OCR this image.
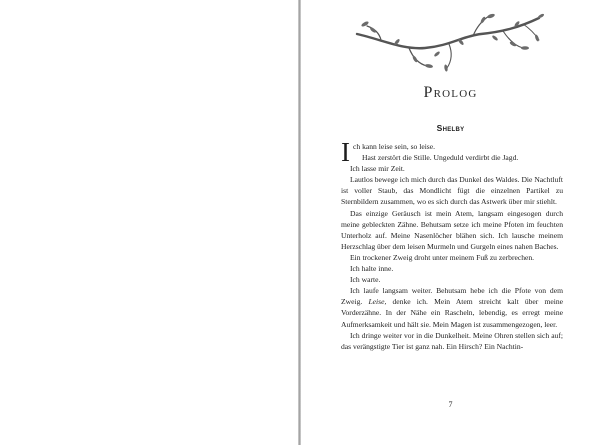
Prolog
Shelby

Ich kann leise sein, so leise.

Hast zerstört die Stille. Ungeduld verdirbt die Jagd.

Ich lasse mir Zeit.

Lautlos bewege ich mich durch das Dunkel des Waldes. Die Nachtluft ist voller Staub, das Mondlicht fügt die einzelnen Partikel zu Sternbildern zusammen, wo es sich durch das Astwerk über mir stiehlt.

Das einzige Geräusch ist mein Atem, langsam eingesogen durch meine gebleckten Zähne. Behutsam setze ich meine Pfoten im feuchten Unterholz auf. Meine Nasenlöcher blähen sich. Ich lausche meinem Herzschlag über dem leisen Murmeln und Gurgeln eines nahen Baches.

Ein trockener Zweig droht unter meinem Fuß zu zerbrechen.

Ich halte inne.

Ich warte.

Ich laufe langsam weiter. Behutsam hebe ich die Pfote von dem Zweig. Leise, denke ich. Mein Atem streicht kalt über meine Vorderzähne. In der Nähe ein Rascheln, lebendig, es erregt meine Aufmerksamkeit und hält sie. Mein Magen ist zusammengezogen, leer.

Ich dringe weiter vor in die Dunkelheit. Meine Ohren stellen sich auf; das verängstigte Tier ist ganz nah. Ein Hirsch? Ein Nachtin-

7
